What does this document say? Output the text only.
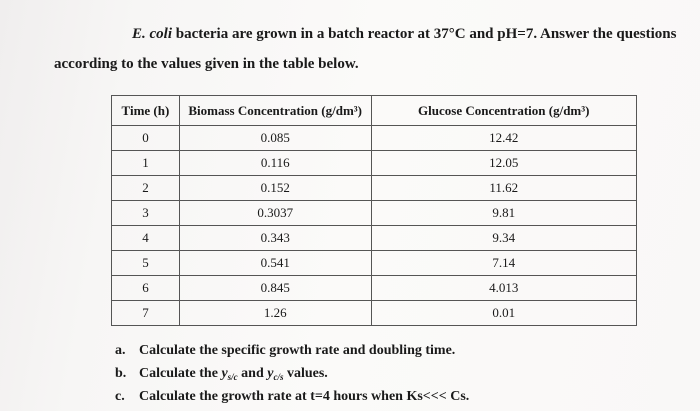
E. coli bacteria are grown in a batch reactor at 37°C and pH=7. Answer the questions
according to the values given in the table below.
Time (h)	Biomass Concentration (g/dm³)	Glucose Concentration (g/dm³)
0	0.085	12.42
1	0.116	12.05
2	0.152	11.62
3	0.3037	9.81
4	0.343	9.34
5	0.541	7.14
6	0.845	4.013
7	1.26	0.01
a. Calculate the specific growth rate and doubling time.
b. Calculate the $y_{s/c}$ and $y_{c/s}$ values.
c.	Calculate the growth rate at t=4 hours when Ks<<< Cs.
